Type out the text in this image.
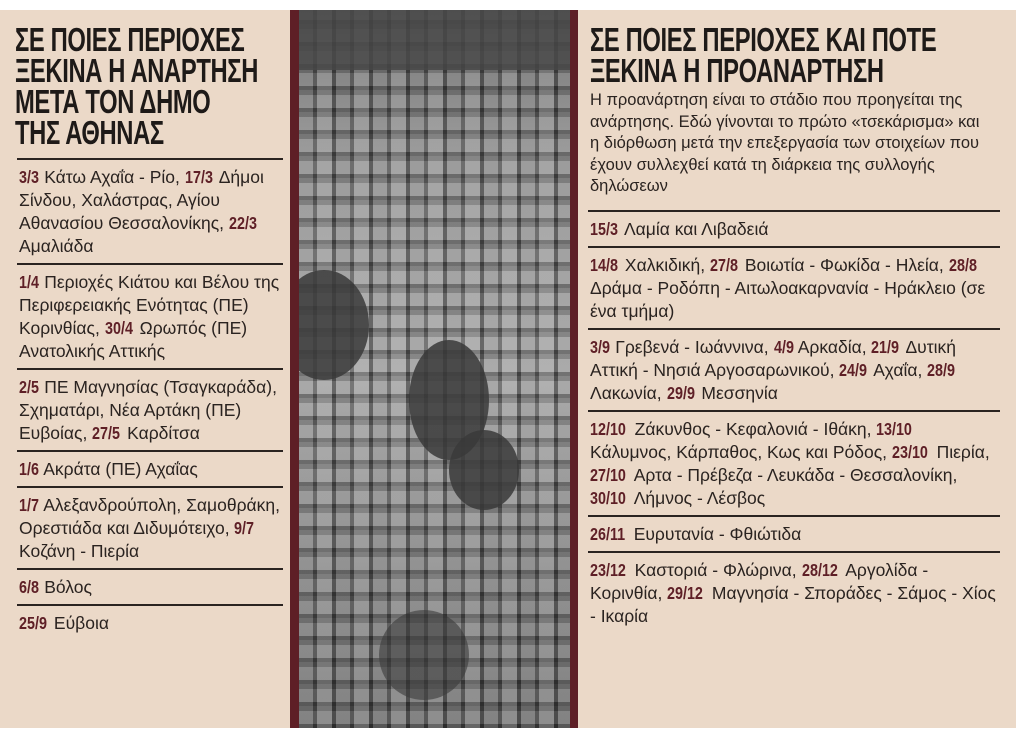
ΣΕ ΠΟΙΕΣ ΠΕΡΙΟΧΕΣ
ΞΕΚΙΝΑ Η ΑΝΑΡΤΗΣΗ
ΜΕΤΑ ΤΟΝ ΔΗΜΟ
ΤΗΣ ΑΘΗΝΑΣ
3/3 Κάτω Αχαΐα - Ρίο, 17/3 Δήμοι Σίνδου, Χαλάστρας, Αγίου Αθανασίου Θεσσαλονίκης, 22/3 Αμαλιάδα
1/4 Περιοχές Κιάτου και Βέλου της Περιφερειακής Ενότητας (ΠΕ) Κορινθίας, 30/4 Ωρωπός (ΠΕ) Ανατολικής Αττικής
2/5 ΠΕ Μαγνησίας (Τσαγκαράδα), Σχηματάρι, Νέα Αρτάκη (ΠΕ) Ευβοίας, 27/5 Καρδίτσα
1/6 Ακράτα (ΠΕ) Αχαΐας
1/7 Αλεξανδρούπολη, Σαμοθράκη, Ορεστιάδα και Διδυμότειχο, 9/7 Κοζάνη - Πιερία
6/8 Βόλος
25/9 Εύβοια
ΣΕ ΠΟΙΕΣ ΠΕΡΙΟΧΕΣ ΚΑΙ ΠΟΤΕ
ΞΕΚΙΝΑ Η ΠΡΟΑΝΑΡΤΗΣΗ
Η προανάρτηση είναι το στάδιο που προηγείται της ανάρτησης. Εδώ γίνονται το πρώτο «τσεκάρισμα» και η διόρθωση μετά την επεξεργασία των στοιχείων που έχουν συλλεχθεί κατά τη διάρκεια της συλλογής δηλώσεων
15/3 Λαμία και Λιβαδειά
14/8 Χαλκιδική, 27/8 Βοιωτία - Φωκίδα - Ηλεία, 28/8 Δράμα - Ροδόπη - Αιτωλοακαρνανία - Ηράκλειο (σε ένα τμήμα)
3/9 Γρεβενά - Ιωάννινα, 4/9 Αρκαδία, 21/9 Δυτική Αττική - Νησιά Αργοσαρωνικού, 24/9 Αχαΐα, 28/9 Λακωνία, 29/9 Μεσσηνία
12/10 Ζάκυνθος - Κεφαλονιά - Ιθάκη, 13/10 Κάλυμνος, Κάρπαθος, Κως και Ρόδος, 23/10 Πιερία, 27/10 Αρτα - Πρέβεζα - Λευκάδα - Θεσσαλονίκη, 30/10 Λήμνος - Λέσβος
26/11 Ευρυτανία - Φθιώτιδα
23/12 Καστοριά - Φλώρινα, 28/12 Αργολίδα - Κορινθία, 29/12 Μαγνησία - Σποράδες - Σάμος - Χίος - Ικαρία
